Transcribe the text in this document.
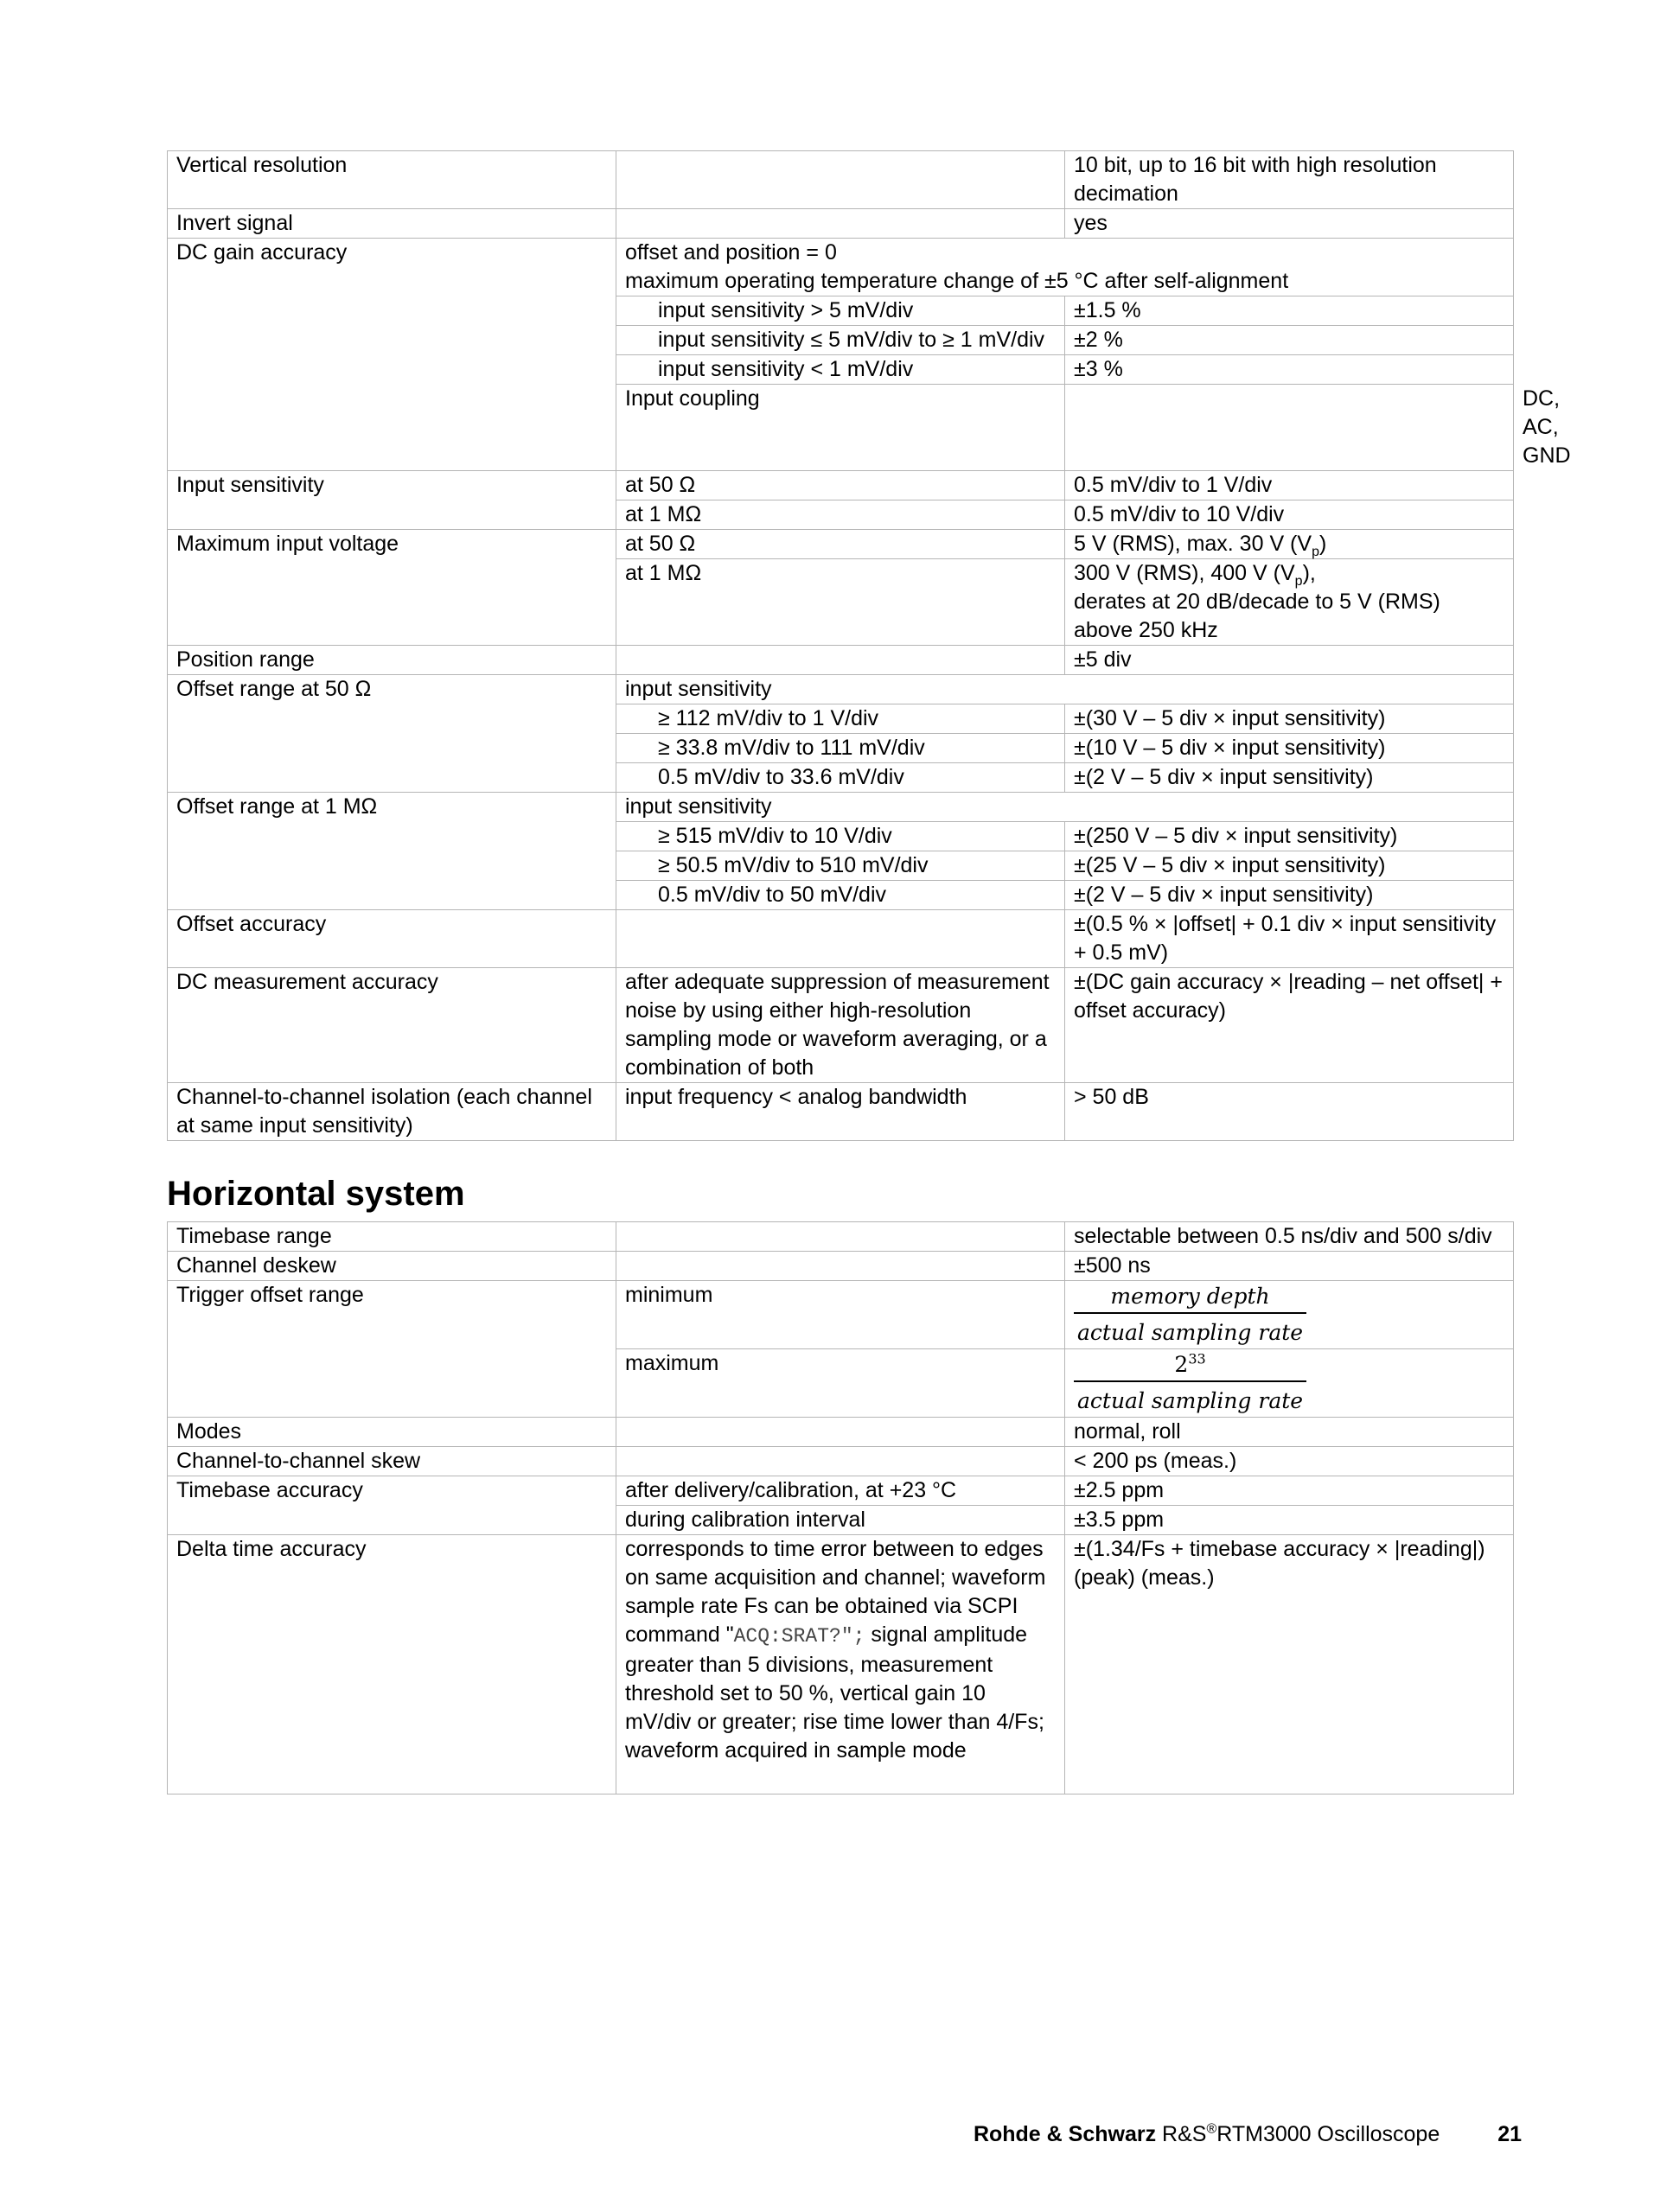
Vertical resolution		10 bit, up to 16 bit with high resolution decimation	
Invert signal		yes	
DC gain accuracy	offset and position = 0
maximum operating temperature change of ±5 °C after self-alignment		

	input sensitivity > 5 mV/div	±1.5 %	
	input sensitivity ≤ 5 mV/div to ≥ 1 mV/div	±2 %	
	input sensitivity < 1 mV/div	±3 %	
	Input coupling		DC, AC, GND
Input sensitivity	at 50 Ω	0.5 mV/div to 1 V/div	
	at 1 MΩ	0.5 mV/div to 10 V/div	
Maximum input voltage	at 50 Ω	5 V (RMS), max. 30 V $(V_p)$	
	at 1 MΩ	300 V (RMS), 400 V $(V_p)$,
derates at 20 dB/decade to 5 V (RMS) above 250 kHz	
Position range		±5 div	
Offset range at 50 Ω	input sensitivity		
	≥ 112 mV/div to 1 V/div	±(30 V – 5 div × input sensitivity)	
	≥ 33.8 mV/div to 111 mV/div	±(10 V – 5 div × input sensitivity)	
	0.5 mV/div to 33.6 mV/div	±(2 V – 5 div × input sensitivity)	
Offset range at 1 MΩ	input sensitivity		
	≥ 515 mV/div to 10 V/div	±(250 V – 5 div × input sensitivity)	
	≥ 50.5 mV/div to 510 mV/div	±(25 V – 5 div × input sensitivity)	
	0.5 mV/div to 50 mV/div	±(2 V – 5 div × input sensitivity)	
Offset accuracy		±(0.5 % × |offset| + 0.1 div × input sensitivity + 0.5 mV)	
DC measurement accuracy	after adequate suppression of measurement noise by using either high-resolution sampling mode or waveform averaging, or a combination of both	±(DC gain accuracy × |reading – net offset| + offset accuracy)	
Channel-to-channel isolation (each channel at same input sensitivity)	input frequency < analog bandwidth	> 50 dB	
Horizontal system
Timebase range		selectable between 0.5 ns/div and 500 s/div
Channel deskew		±500 ns
Trigger offset range	minimum	$\frac{\text{memory depth}}{\text{actual sampling rate}}$

	maximum	$\frac{2^{33}}{\text{actual sampling rate}}$

Modes		normal, roll
Channel-to-channel skew		< 200 ps (meas.)
Timebase accuracy	after delivery/calibration, at +23 °C	±2.5 ppm
	during calibration interval	±3.5 ppm
Delta time accuracy	corresponds to time error between to edges on same acquisition and channel; waveform sample rate Fs can be obtained via SCPI command "ACQ:SRAT?"; signal amplitude greater than 5 divisions, measurement threshold set to 50 %, vertical gain 10 mV/div or greater; rise time lower than 4/Fs; waveform acquired in sample mode	±(1.34/Fs + timebase accuracy × |reading|) (peak) (meas.)
Rohde & Schwarz R&S®RTM3000 Oscilloscope	21
